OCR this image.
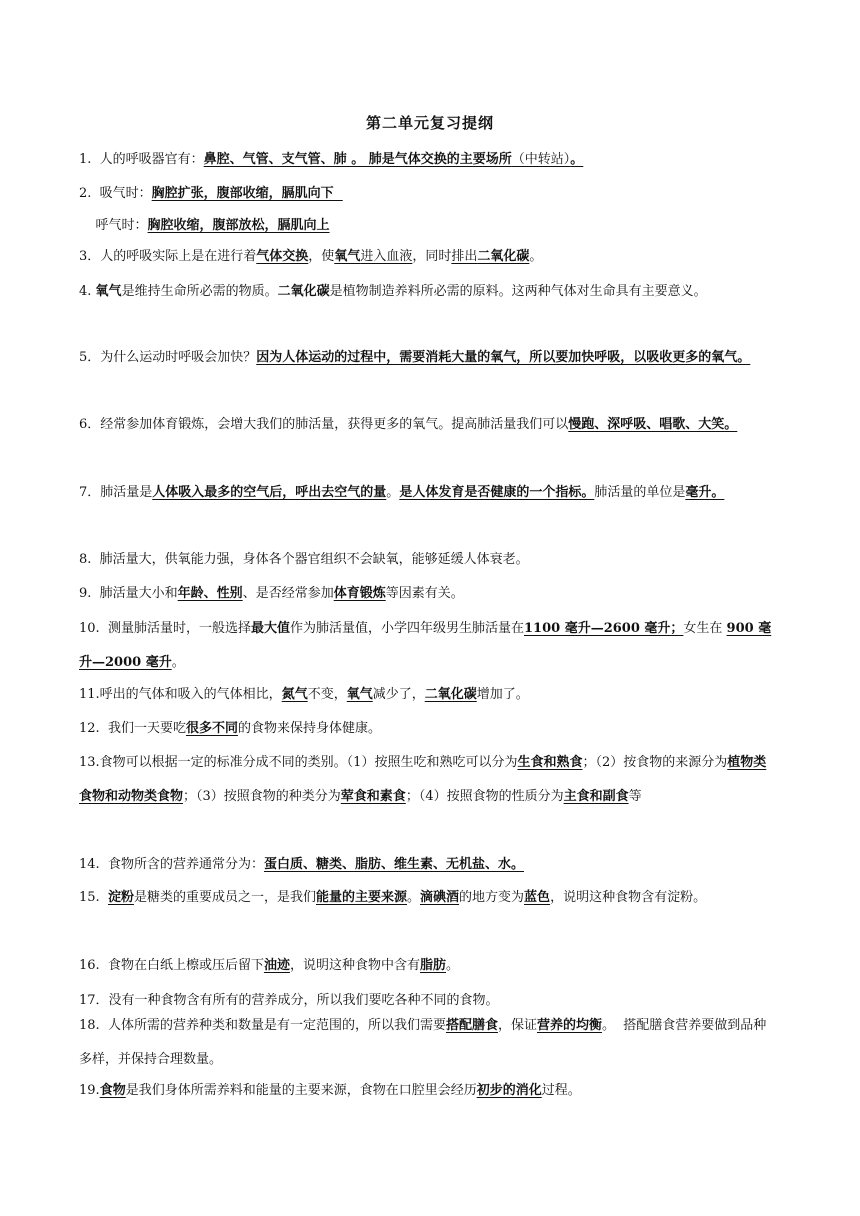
第二单元复习提纲
1.  人的呼吸器官有：鼻腔、气管、支气管、肺 。 肺是气体交换的主要场所（中转站）。
2.  吸气时：胸腔扩张，腹部收缩，膈肌向下
呼气时：胸腔收缩，腹部放松，膈肌向上
3．人的呼吸实际上是在进行着气体交换，使氧气进入血液，同时排出二氧化碳。
4. 氧气是维持生命所必需的物质。二氧化碳是植物制造养料所必需的原料。这两种气体对生命具有主要意义。
5．为什么运动时呼吸会加快？因为人体运动的过程中，需要消耗大量的氧气，所以要加快呼吸，以吸收更多的氧气。
6．经常参加体育锻炼，会增大我们的肺活量，获得更多的氧气。提高肺活量我们可以慢跑、深呼吸、唱歌、大笑。
7．肺活量是人体吸入最多的空气后，呼出去空气的量。是人体发育是否健康的一个指标。肺活量的单位是毫升。
8.  肺活量大，供氧能力强，身体各个器官组织不会缺氧，能够延缓人体衰老。
9.  肺活量大小和年龄、性别、是否经常参加体育锻炼等因素有关。
10.  测量肺活量时，一般选择最大值作为肺活量值，小学四年级男生肺活量在1100 毫升—2600 毫升；女生在 900 毫升—2000 毫升。
11.呼出的气体和吸入的气体相比，氮气不变，氧气减少了，二氧化碳增加了。
12.  我们一天要吃很多不同的食物来保持身体健康。
13.食物可以根据一定的标准分成不同的类别。（1）按照生吃和熟吃可以分为生食和熟食；（2）按食物的来源分为植物类食物和动物类食物；（3）按照食物的种类分为荤食和素食；（4）按照食物的性质分为主食和副食等
14.  食物所含的营养通常分为：蛋白质、糖类、脂肪、维生素、无机盐、水。
15.  淀粉是糖类的重要成员之一，是我们能量的主要来源。滴碘酒的地方变为蓝色，说明这种食物含有淀粉。
16.  食物在白纸上檫或压后留下油迹，说明这种食物中含有脂肪。
17．没有一种食物含有所有的营养成分，所以我们要吃各种不同的食物。
18.  人体所需的营养种类和数量是有一定范围的，所以我们需要搭配膳食，保证营养的均衡。  搭配膳食营养要做到品种多样，并保持合理数量。
19.食物是我们身体所需养料和能量的主要来源，食物在口腔里会经历初步的消化过程。
